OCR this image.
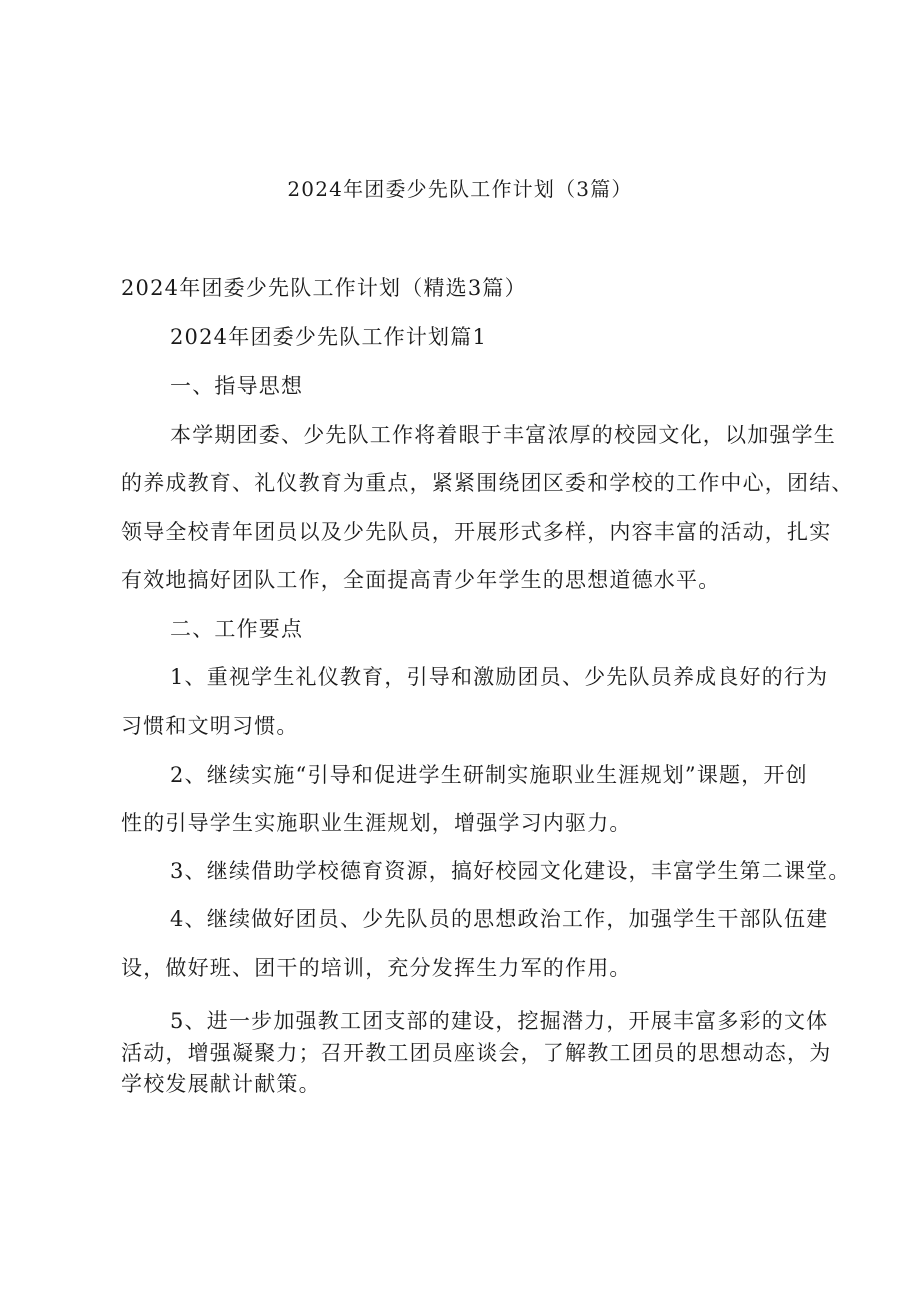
2024年团委少先队工作计划（3篇）
2024年团委少先队工作计划（精选3篇）
2024年团委少先队工作计划篇1
一、指导思想
本学期团委、少先队工作将着眼于丰富浓厚的校园文化，以加强学生
的养成教育、礼仪教育为重点，紧紧围绕团区委和学校的工作中心，团结、
领导全校青年团员以及少先队员，开展形式多样，内容丰富的活动，扎实
有效地搞好团队工作，全面提高青少年学生的思想道德水平。
二、工作要点
1、重视学生礼仪教育，引导和激励团员、少先队员养成良好的行为
习惯和文明习惯。
2、继续实施“引导和促进学生研制实施职业生涯规划”课题，开创
性的引导学生实施职业生涯规划，增强学习内驱力。
3、继续借助学校德育资源，搞好校园文化建设，丰富学生第二课堂。
4、继续做好团员、少先队员的思想政治工作，加强学生干部队伍建
设，做好班、团干的培训，充分发挥生力军的作用。
5、进一步加强教工团支部的建设，挖掘潜力，开展丰富多彩的文体
活动，增强凝聚力；召开教工团员座谈会，了解教工团员的思想动态，为
学校发展献计献策。
